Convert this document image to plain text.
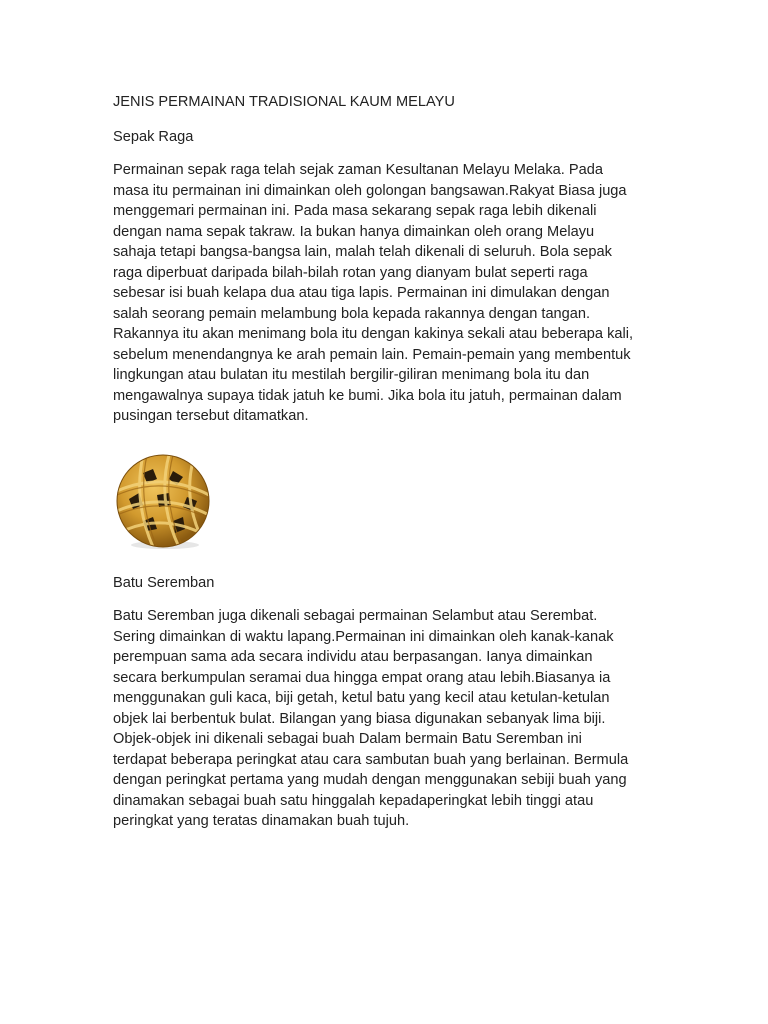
JENIS PERMAINAN TRADISIONAL KAUM MELAYU
Sepak Raga

Permainan sepak raga telah sejak zaman Kesultanan Melayu Melaka. Pada
masa itu permainan ini dimainkan oleh golongan bangsawan.Rakyat Biasa juga
menggemari permainan ini. Pada masa sekarang sepak raga lebih dikenali
dengan nama sepak takraw. Ia bukan hanya dimainkan oleh orang Melayu
sahaja tetapi bangsa-bangsa lain, malah telah dikenali di seluruh. Bola sepak
raga diperbuat daripada bilah-bilah rotan yang dianyam bulat seperti raga
sebesar isi buah kelapa dua atau tiga lapis. Permainan ini dimulakan dengan
salah seorang pemain melambung bola kepada rakannya dengan tangan.
Rakannya itu akan menimang bola itu dengan kakinya sekali atau beberapa kali,
sebelum menendangnya ke arah pemain lain. Pemain-pemain yang membentuk
lingkungan atau bulatan itu mestilah bergilir-giliran menimang bola itu dan
mengawalnya supaya tidak jatuh ke bumi. Jika bola itu jatuh, permainan dalam
pusingan tersebut ditamatkan.

Batu Seremban

Batu Seremban juga dikenali sebagai permainan Selambut atau Serembat.
Sering dimainkan di waktu lapang.Permainan ini dimainkan oleh kanak-kanak
perempuan sama ada secara individu atau berpasangan. Ianya dimainkan
secara berkumpulan seramai dua hingga empat orang atau lebih.Biasanya ia
menggunakan guli kaca, biji getah, ketul batu yang kecil atau ketulan-ketulan
objek lai berbentuk bulat. Bilangan yang biasa digunakan sebanyak lima biji.
Objek-objek ini dikenali sebagai buah Dalam bermain Batu Seremban ini
terdapat beberapa peringkat atau cara sambutan buah yang berlainan. Bermula
dengan peringkat pertama yang mudah dengan menggunakan sebiji buah yang
dinamakan sebagai buah satu hinggalah kepadaperingkat lebih tinggi atau
peringkat yang teratas dinamakan buah tujuh.
